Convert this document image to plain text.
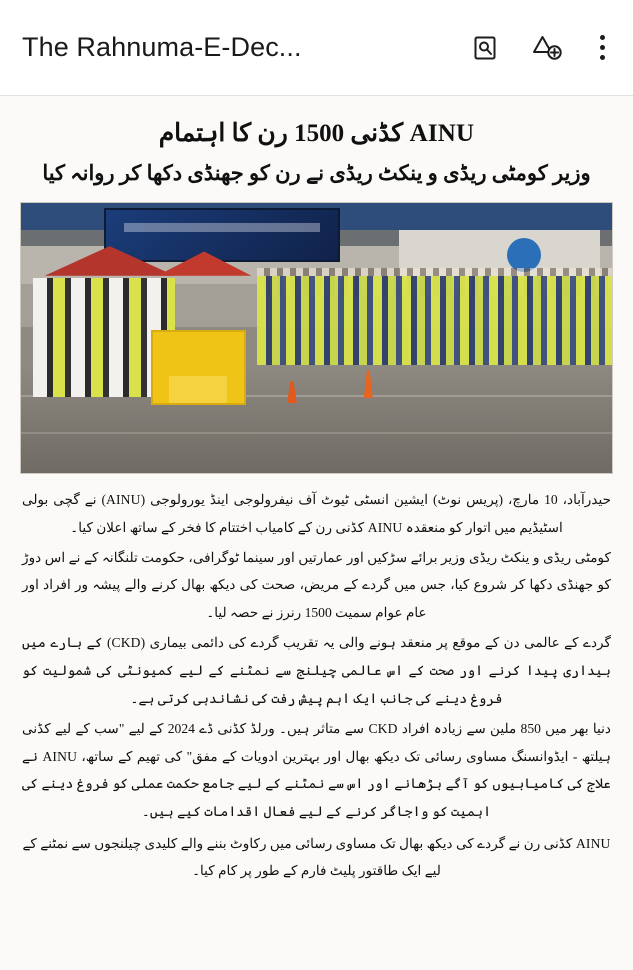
The Rahnuma-E-Dec...
AINU کڈنی 1500 رن کا اہتمام
وزیر کومٹی ریڈی و ینکٹ ریڈی نے رن کو جھنڈی دکھا کر روانہ کیا

حیدرآباد، 10 مارچ، (پریس نوٹ) ایشین انسٹی ٹیوٹ آف نیفرولوجی اینڈ یورولوجی (AINU) نے گچی بولی اسٹیڈیم میں اتوار کو منعقدہ AINU کڈنی رن کے کامیاب اختتام کا فخر کے ساتھ اعلان کیا۔

کومٹی ریڈی و ینکٹ ریڈی وزیر برائے سڑکیں اور عمارتیں اور سینما ٹوگرافی، حکومت تلنگانہ کے نے اس دوڑ کو جھنڈی دکھا کر شروع کیا، جس میں گردے کے مریض، صحت کی دیکھ بھال کرنے والے پیشہ ور افراد اور عام عوام سمیت 1500 رنرز نے حصہ لیا۔

گردے کے عالمی دن کے موقع پر منعقد ہونے والی یہ تقریب گردے کی دائمی بیماری (CKD) کے بارے میں بیداری پیدا کرنے اور صحت کے اس عالمی چیلنج سے نمٹنے کے لیے کمیونٹی کی شمولیت کو فروغ دینے کی جانب ایک اہم پیش رفت کی نشاندہی کرتی ہے۔

دنیا بھر میں 850 ملین سے زیادہ افراد CKD سے متاثر ہیں۔ ورلڈ کڈنی ڈے 2024 کے لیے "سب کے لیے کڈنی ہیلتھ - ایڈوانسنگ مساوی رسائی تک دیکھ بھال اور بہترین ادویات کے مفق" کی تھیم کے ساتھ، AINU نے علاج کی کامیابیوں کو آگے بڑھانے اور اس سے نمٹنے کے لیے جامع حکمت عملی کو فروغ دینے کی اہمیت کو واجاگر کرنے کے لیے فعال اقدامات کیے ہیں۔

AINU کڈنی رن نے گردے کی دیکھ بھال تک مساوی رسائی میں رکاوٹ بننے والے کلیدی چیلنجوں سے نمٹنے کے لیے ایک طاقتور پلیٹ فارم کے طور پر کام کیا۔
